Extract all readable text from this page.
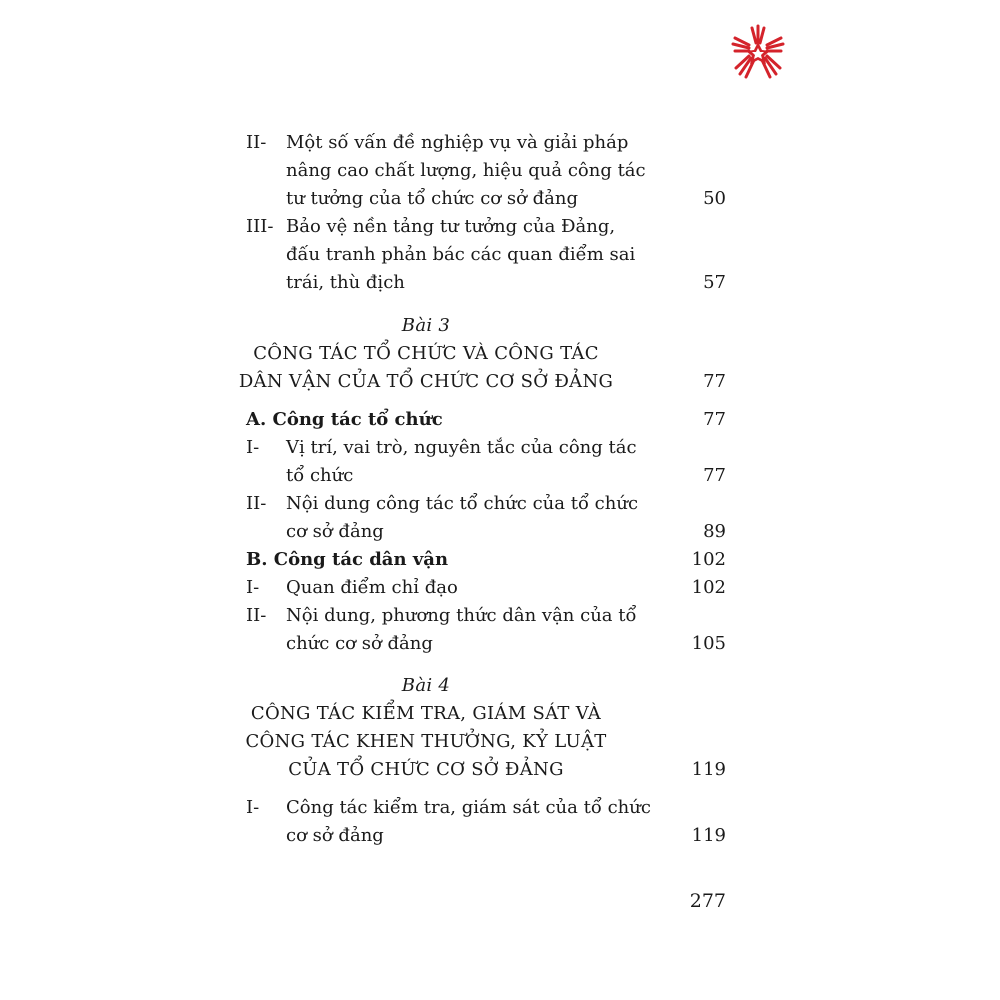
II- Một số vấn đề nghiệp vụ và giải pháp
nâng cao chất lượng, hiệu quả công tác
tư tưởng của tổ chức cơ sở đảng	50
III- Bảo vệ nền tảng tư tưởng của Đảng,
đấu tranh phản bác các quan điểm sai
trái, thù địch	57
Bài 3
CÔNG TÁC TỔ CHỨC VÀ CÔNG TÁC
DÂN VẬN CỦA TỔ CHỨC CƠ SỞ ĐẢNG	77
A. Công tác tổ chức	77
I- Vị trí, vai trò, nguyên tắc của công tác
tổ chức	77
II- Nội dung công tác tổ chức của tổ chức
cơ sở đảng	89
B. Công tác dân vận	102
I- Quan điểm chỉ đạo	102
II- Nội dung, phương thức dân vận của tổ
chức cơ sở đảng	105
Bài 4
CÔNG TÁC KIỂM TRA, GIÁM SÁT VÀ
CÔNG TÁC KHEN THƯỞNG, KỶ LUẬT
CỦA TỔ CHỨC CƠ SỞ ĐẢNG	119
I- Công tác kiểm tra, giám sát của tổ chức
cơ sở đảng	119
277
